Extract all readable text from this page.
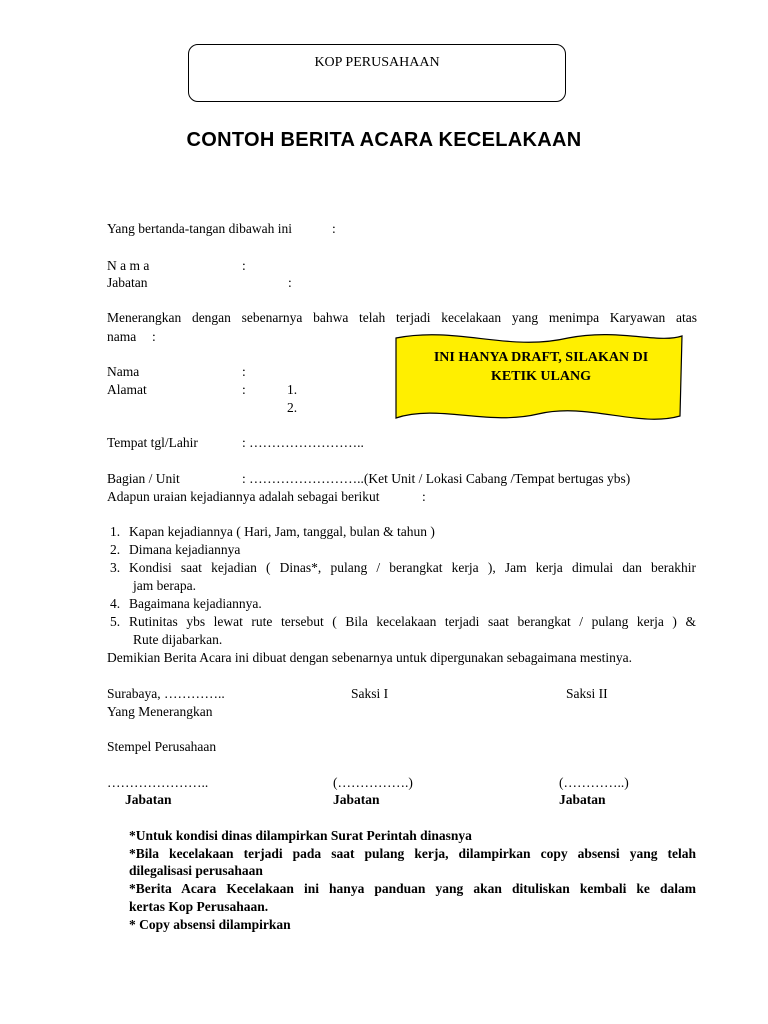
KOP PERUSAHAAN
CONTOH BERITA ACARA KECELAKAAN
Yang bertanda-tangan dibawah ini	:
N a m a	:
Jabatan	:
Menerangkan dengan sebenarnya bahwa telah terjadi kecelakaan yang menimpa Karyawan atas
nama :
INI HANYA DRAFT, SILAKAN DI
KETIK ULANG
Nama	:
Alamat	:	1.
2.
Tempat tgl/Lahir	: ……………………..
Bagian / Unit	: ……………………..(Ket Unit / Lokasi Cabang /Tempat bertugas ybs)
Adapun uraian kejadiannya adalah sebagai berikut	:
1. Kapan kejadiannya ( Hari, Jam, tanggal, bulan & tahun )
2. Dimana kejadiannya
3. Kondisi saat kejadian ( Dinas*, pulang / berangkat kerja ), Jam kerja dimulai dan berakhir
jam berapa.
4. Bagaimana kejadiannya.
5. Rutinitas ybs lewat rute tersebut ( Bila kecelakaan terjadi saat berangkat / pulang kerja ) &
Rute dijabarkan.
Demikian Berita Acara ini dibuat dengan sebenarnya untuk dipergunakan sebagaimana mestinya.
Surabaya, …………..	Saksi I	Saksi II
Yang Menerangkan
Stempel Perusahaan
…………………..	(…………….)	(…………..)
Jabatan	Jabatan	Jabatan
*Untuk kondisi dinas dilampirkan Surat Perintah dinasnya
*Bila kecelakaan terjadi pada saat pulang kerja, dilampirkan copy absensi yang telah
dilegalisasi perusahaan
*Berita Acara Kecelakaan ini hanya panduan yang akan dituliskan kembali ke dalam
kertas Kop Perusahaan.
* Copy absensi dilampirkan
